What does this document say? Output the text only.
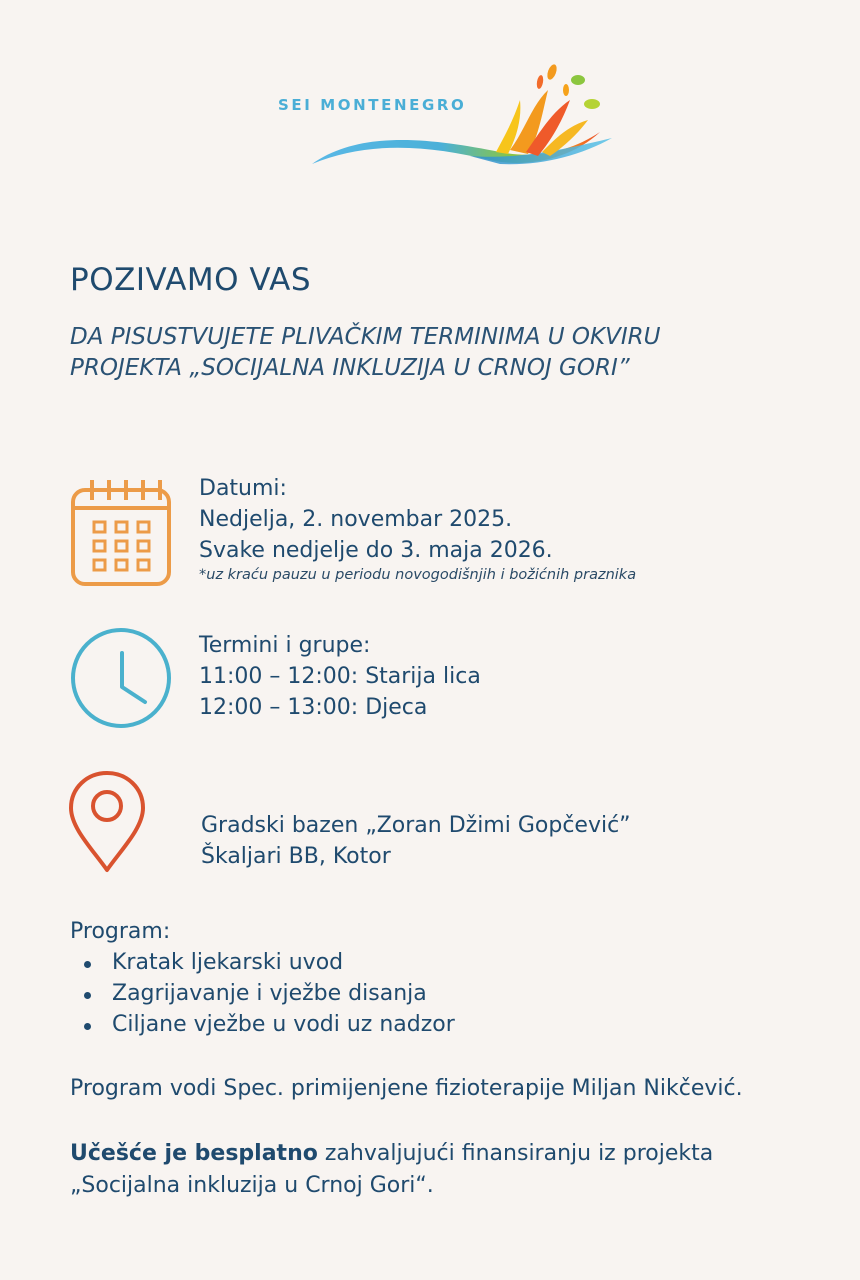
SEI MONTENEGRO
POZIVAMO VAS
DA PISUSTVUJETE PLIVAČKIM TERMINIMA U OKVIRU
PROJEKTA „SOCIJALNA INKLUZIJA U CRNOJ GORI”
Datumi:
Nedjelja, 2. novembar 2025.
Svake nedjelje do 3. maja 2026.
*uz kraću pauzu u periodu novogodišnjih i božićnih praznika
Termini i grupe:
11:00 – 12:00: Starija lica
12:00 – 13:00: Djeca
Gradski bazen „Zoran Džimi Gopčević”
Škaljari BB, Kotor
Program:
Kratak ljekarski uvod
Zagrijavanje i vježbe disanja
Ciljane vježbe u vodi uz nadzor
Program vodi Spec. primijenjene fizioterapije Miljan Nikčević.
Učešće je besplatno zahvaljujući finansiranju iz projekta
„Socijalna inkluzija u Crnoj Gori“.
